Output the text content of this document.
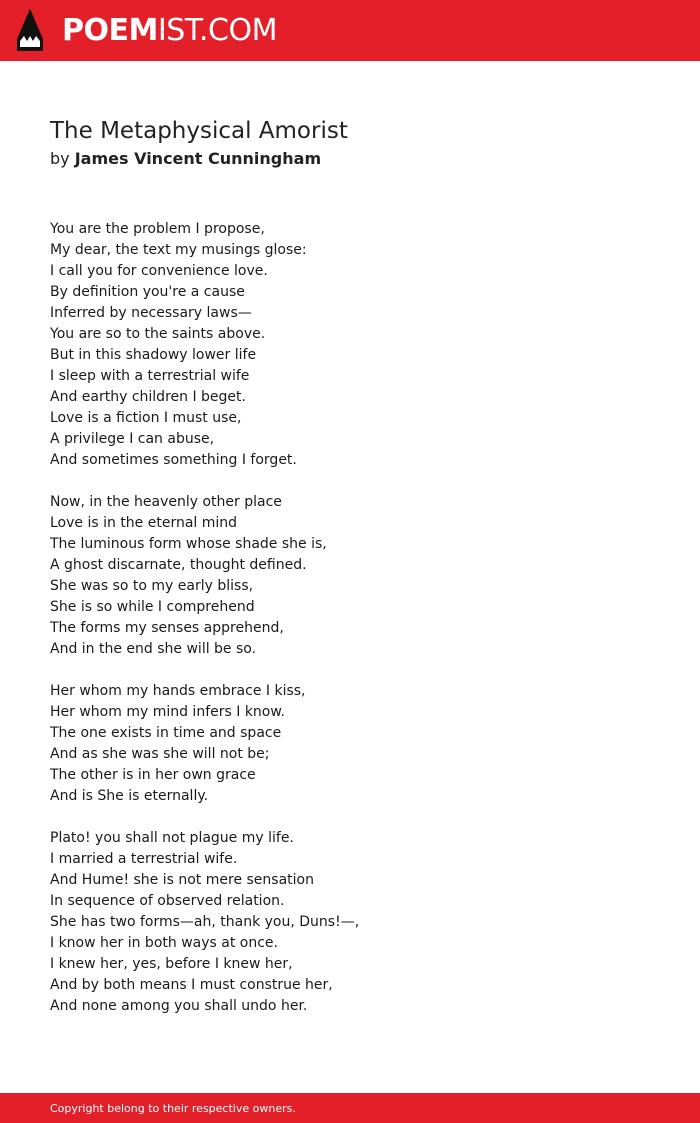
POEMIST.COM
The Metaphysical Amorist
by James Vincent Cunningham
You are the problem I propose,
My dear, the text my musings glose:
I call you for convenience love.
By definition you're a cause
Inferred by necessary laws—
You are so to the saints above.
But in this shadowy lower life
I sleep with a terrestrial wife
And earthy children I beget.
Love is a fiction I must use,
A privilege I can abuse,
And sometimes something I forget.
Now, in the heavenly other place
Love is in the eternal mind
The luminous form whose shade she is,
A ghost discarnate, thought defined.
She was so to my early bliss,
She is so while I comprehend
The forms my senses apprehend,
And in the end she will be so.
Her whom my hands embrace I kiss,
Her whom my mind infers I know.
The one exists in time and space
And as she was she will not be;
The other is in her own grace
And is She is eternally.
Plato! you shall not plague my life.
I married a terrestrial wife.
And Hume! she is not mere sensation
In sequence of observed relation.
She has two forms—ah, thank you, Duns!—,
I know her in both ways at once.
I knew her, yes, before I knew her,
And by both means I must construe her,
And none among you shall undo her.
Copyright belong to their respective owners.
